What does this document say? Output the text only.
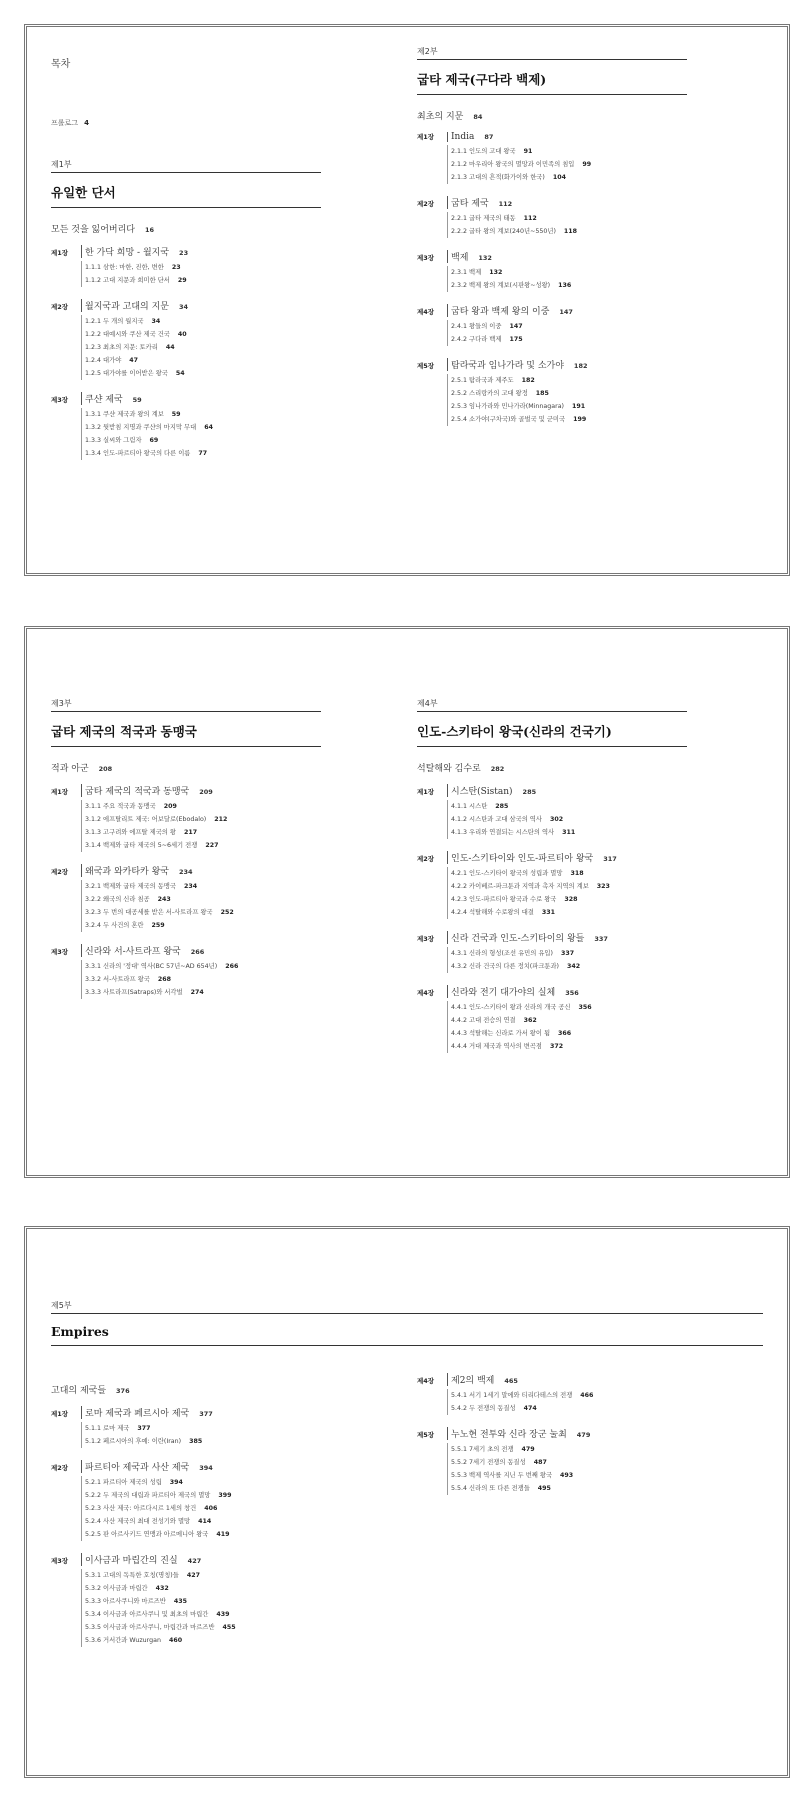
목차
프롤로그 4
제1부
유일한 단서
모든 것을 잃어버리다 16
제1장	한 가닥 희망 - 월지국 23
1.1.1 삼한: 마한, 진한, 변한 23
1.1.2 고대 지문과 희미한 단서 29
제2장	월지국과 고대의 지문 34
1.2.1 두 개의 월지국 34
1.2.2 대예시와 쿠산 제국 건국 40
1.2.3 최초의 지문: 토카리 44
1.2.4 대가야 47
1.2.5 대가야를 이어받은 왕국 54
제3장	쿠샨 제국 59
1.3.1 쿠샨 제국과 왕의 계보 59
1.3.2 뒷받침 지명과 쿠샨의 마지막 무대 64
1.3.3 실씨와 그림자 69
1.3.4 인도-파르티아 왕국의 다른 이름 77
제2부
굽타 제국(구다라 백제)
최초의 지문 84
제1장	India 87
2.1.1 인도의 고대 왕국 91
2.1.2 마우리아 왕국의 멸망과 이민족의 침입 99
2.1.3 고대의 흔적(화가이와 한국) 104
제2장	굽타 제국 112
2.2.1 굽타 제국의 태동 112
2.2.2 굽타 왕의 계보(240년~550년) 118
제3장	백제 132
2.3.1 백제 132
2.3.2 백제 왕의 계보(시판왕~성왕) 136
제4장	굽타 왕과 백제 왕의 이중 147
2.4.1 왕들의 이중 147
2.4.2 구다라 백제 175
제5장	탐라국과 임나가라 및 소가야 182
2.5.1 탐라국과 제주도 182
2.5.2 스리랑카의 고대 왕정 185
2.5.3 임나가라와 민나가라(Minnagara) 191
2.5.4 소가야(구차국)와 골벌국 및 군미국 199
제3부
굽타 제국의 적국과 동맹국
적과 아군 208
제1장	굽타 제국의 적국과 동맹국 209
3.1.1 주요 적국과 동맹국 209
3.1.2 에프탈리트 제국: 어보달로(Ebodalo) 212
3.1.3 고구려와 에프탈 제국의 왕 217
3.1.4 백제와 굽타 제국의 5~6세기 전쟁 227
제2장	왜국과 와카타카 왕국 234
3.2.1 백제와 굽타 제국의 동맹국 234
3.2.2 왜국의 신라 침공 243
3.2.3 두 번의 대공세를 받은 서-사트라프 왕국 252
3.2.4 두 사건의 혼란 259
제3장	신라와 서-사트라프 왕국 266
3.3.1 신라의 '정대' 역사(BC 57년~AD 654년) 266
3.3.2 서-사트라프 왕국 268
3.3.3 사트라프(Satraps)와 서각벌 274
제4부
인도-스키타이 왕국(신라의 건국기)
석탈해와 김수로 282
제1장	시스탄(Sistan) 285
4.1.1 시스탄 285
4.1.2 시스탄과 고대 삼국의 역사 302
4.1.3 우리와 연결되는 시스탄의 역사 311
제2장	인도-스키타이와 인도-파르티아 왕국 317
4.2.1 인도-스키타이 왕국의 성립과 멸망 318
4.2.2 카이베르-파크툰과 지역과 촉자 지역의 계보 323
4.2.3 인도-파르티아 왕국과 수로 왕국 328
4.2.4 석탈해와 수로왕의 대결 331
제3장	신라 건국과 인도-스키타이의 왕들 337
4.3.1 신라의 형성(조선 유민의 유입) 337
4.3.2 신라 건국의 다른 정치(파크툰과) 342
제4장	신라와 전기 대가야의 실체 356
4.4.1 인도-스키타이 왕과 신라의 개국 공신 356
4.4.2 고대 전승의 연결 362
4.4.3 석탈해는 신라로 가서 왕이 됨 366
4.4.4 거대 제국과 역사의 변곡점 372
제5부
Empires
고대의 제국들 376
제1장	로마 제국과 페르시아 제국 377
5.1.1 로마 제국 377
5.1.2 페르시아의 후예: 이란(Iran) 385
제2장	파르티아 제국과 사산 제국 394
5.2.1 파르티아 제국의 성립 394
5.2.2 두 제국의 대립과 파르티아 제국의 멸망 399
5.2.3 사산 제국: 아르다시르 1세의 창건 406
5.2.4 사산 제국의 최대 전성기와 멸망 414
5.2.5 판 아르사키드 연맹과 아르메니아 왕국 419
제3장	이사금과 마립간의 진실 427
5.3.1 고대의 독특한 호칭(명칭)들 427
5.3.2 이사금과 마립간 432
5.3.3 아르사쿠니와 마르즈반 435
5.3.4 이사금과 아르사쿠니 및 최초의 마립간 439
5.3.5 이사금과 아르사쿠니, 마립간과 마르즈반 455
5.3.6 거서간과 Wuzurgan 460
제4장	제2의 백제 465
5.4.1 서기 1세기 말에와 티리다테스의 전쟁 466
5.4.2 두 전쟁의 동질성 474
제5장	누노현 전투와 신라 장군 눌최 479
5.5.1 7세기 초의 전쟁 479
5.5.2 7세기 전쟁의 동질성 487
5.5.3 백제 역사를 지닌 두 번째 왕국 493
5.5.4 신라의 또 다른 전쟁들 495
